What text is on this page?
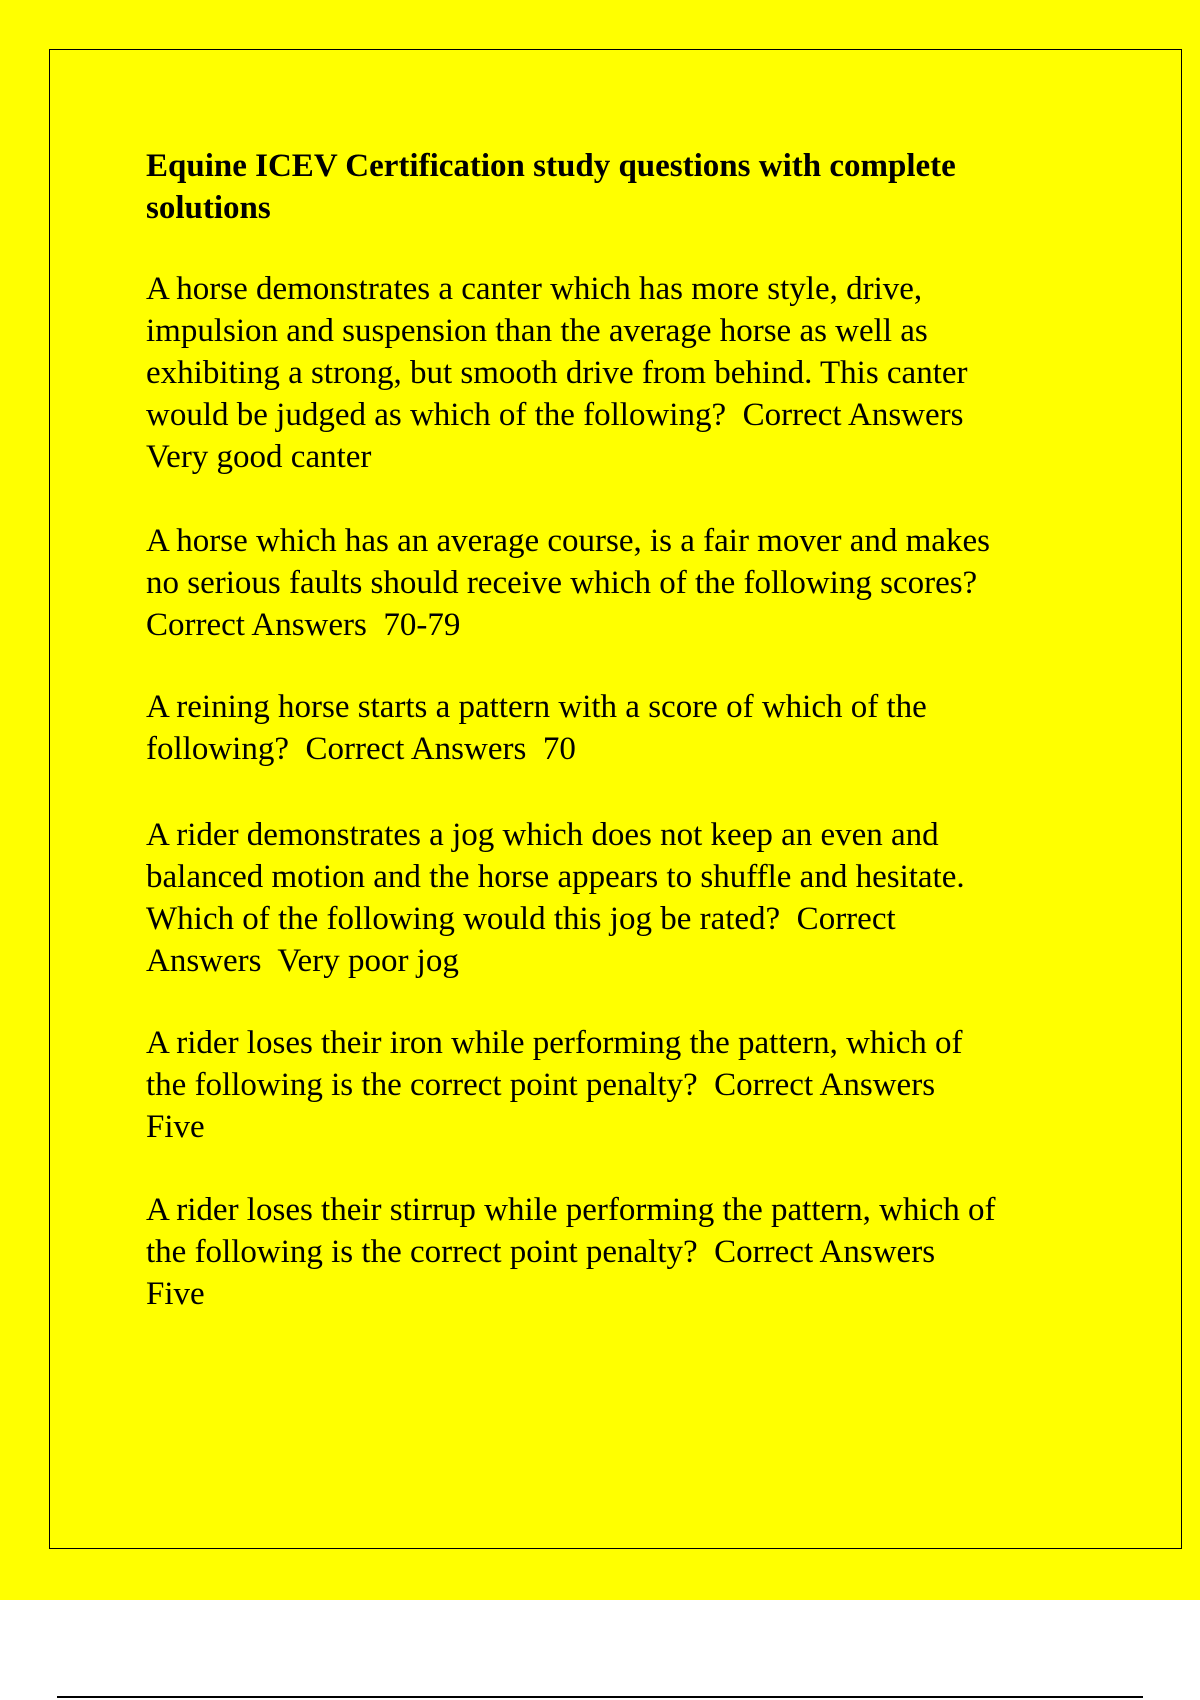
Equine ICEV Certification study questions with complete
solutions

A horse demonstrates a canter which has more style, drive,
impulsion and suspension than the average horse as well as
exhibiting a strong, but smooth drive from behind. This canter
would be judged as which of the following?  Correct Answers
Very good canter

A horse which has an average course, is a fair mover and makes
no serious faults should receive which of the following scores?
Correct Answers  70-79

A reining horse starts a pattern with a score of which of the
following?  Correct Answers  70

A rider demonstrates a jog which does not keep an even and
balanced motion and the horse appears to shuffle and hesitate.
Which of the following would this jog be rated?  Correct
Answers  Very poor jog

A rider loses their iron while performing the pattern, which of
the following is the correct point penalty?  Correct Answers
Five

A rider loses their stirrup while performing the pattern, which of
the following is the correct point penalty?  Correct Answers
Five
